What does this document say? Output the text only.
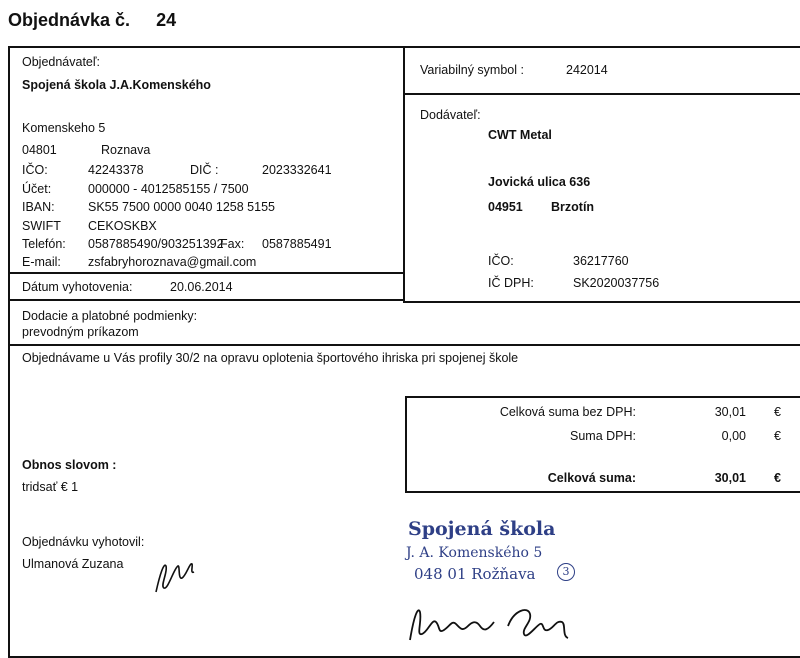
Objednávka č. 24
Objednávateľ:
Spojená škola J.A.Komenského
Komenskeho 5
04801	Roznava
IČO:	42243378	DIČ :	2023332641
Účet:	000000 - 4012585155 / 7500
IBAN:	SK55 7500 0000 0040 1258 5155
SWIFT CEKOSKBX
Telefón: 0587885490/903251392
Fax: 0587885491
E-mail: zsfabryhoroznava@gmail.com
Dátum vyhotovenia:	20.06.2014
Variabilný symbol :	242014
Dodávateľ:
CWT Metal
Jovická ulica 636
04951 Brzotín
IČO:	36217760
IČ DPH:	SK2020037756
Dodacie a platobné podmienky:
prevodným príkazom
Objednávame u Vás profily 30/2 na opravu oplotenia športového ihriska pri spojenej škole
Celková suma bez DPH:	30,01 €
Suma DPH:	0,00 €
Celková suma:	30,01 €
Obnos slovom :
tridsať € 1
Objednávku vyhotovil:
Ulmanová Zuzana
Spojená škola
J. A. Komenského 5
048 01 Rožňava	3
